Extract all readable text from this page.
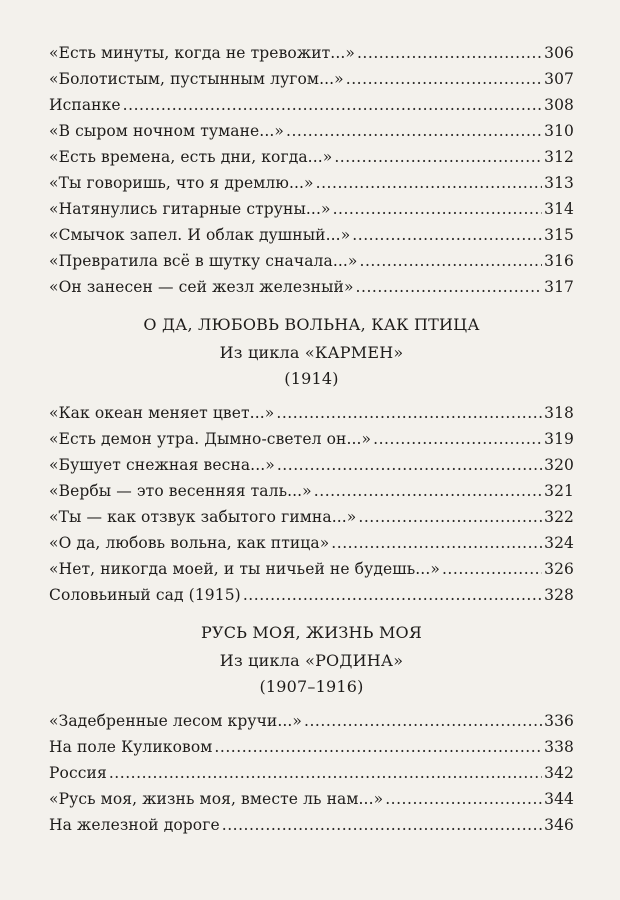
«Есть минуты, когда не тревожит...» . . .	306
«Болотистым, пустынным лугом...» . . .	307
Испанке . . .	308
«В сыром ночном тумане...» . . .	310
«Есть времена, есть дни, когда...» . . .	312
«Ты говоришь, что я дремлю...» . . .	313
«Натянулись гитарные струны...» . . .	314
«Смычок запел. И облак душный...» . . .	315
«Превратила всё в шутку сначала...» . . .	316
«Он занесен — сей жезл железный» . . .	317
О ДА, ЛЮБОВЬ ВОЛЬНА, КАК ПТИЦА
Из цикла «КАРМЕН»
(1914)
«Как океан меняет цвет...» . . .	318
«Есть демон утра. Дымно-светел он...» . . .	319
«Бушует снежная весна...» . . .	320
«Вербы — это весенняя таль...» . . .	321
«Ты — как отзвук забытого гимна...» . . .	322
«О да, любовь вольна, как птица» . . .	324
«Нет, никогда моей, и ты ничьей не будешь...» . . .	326
Соловьиный сад (1915) . . .	328
РУСЬ МОЯ, ЖИЗНЬ МОЯ
Из цикла «РОДИНА»
(1907–1916)
«Задебренные лесом кручи...» . . .	336
На поле Куликовом . . .	338
Россия . . .	342
«Русь моя, жизнь моя, вместе ль нам...» . . .	344
На железной дороге . . .	346
